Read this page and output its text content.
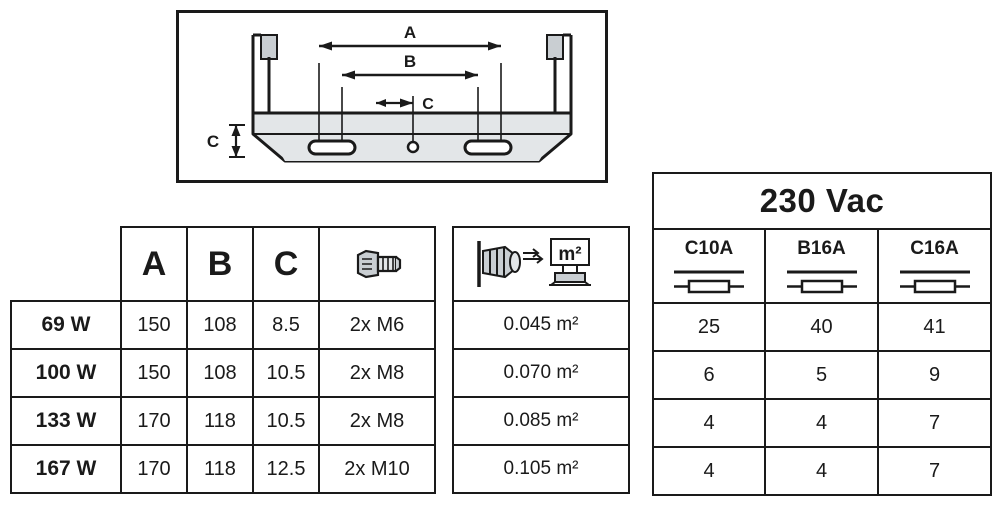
A
B
C
C
	A	B	C	

69 W	150	108	8.5	2x M6
100 W	150	108	10.5	2x M8
133 W	170	118	10.5	2x M8
167 W	170	118	12.5	2x M10
m²

0.045 m²
0.070 m²
0.085 m²
0.105 m²
230 Vac		

C10A	B16A	C16A

25	40	41
6	5	9
4	4	7
4	4	7
